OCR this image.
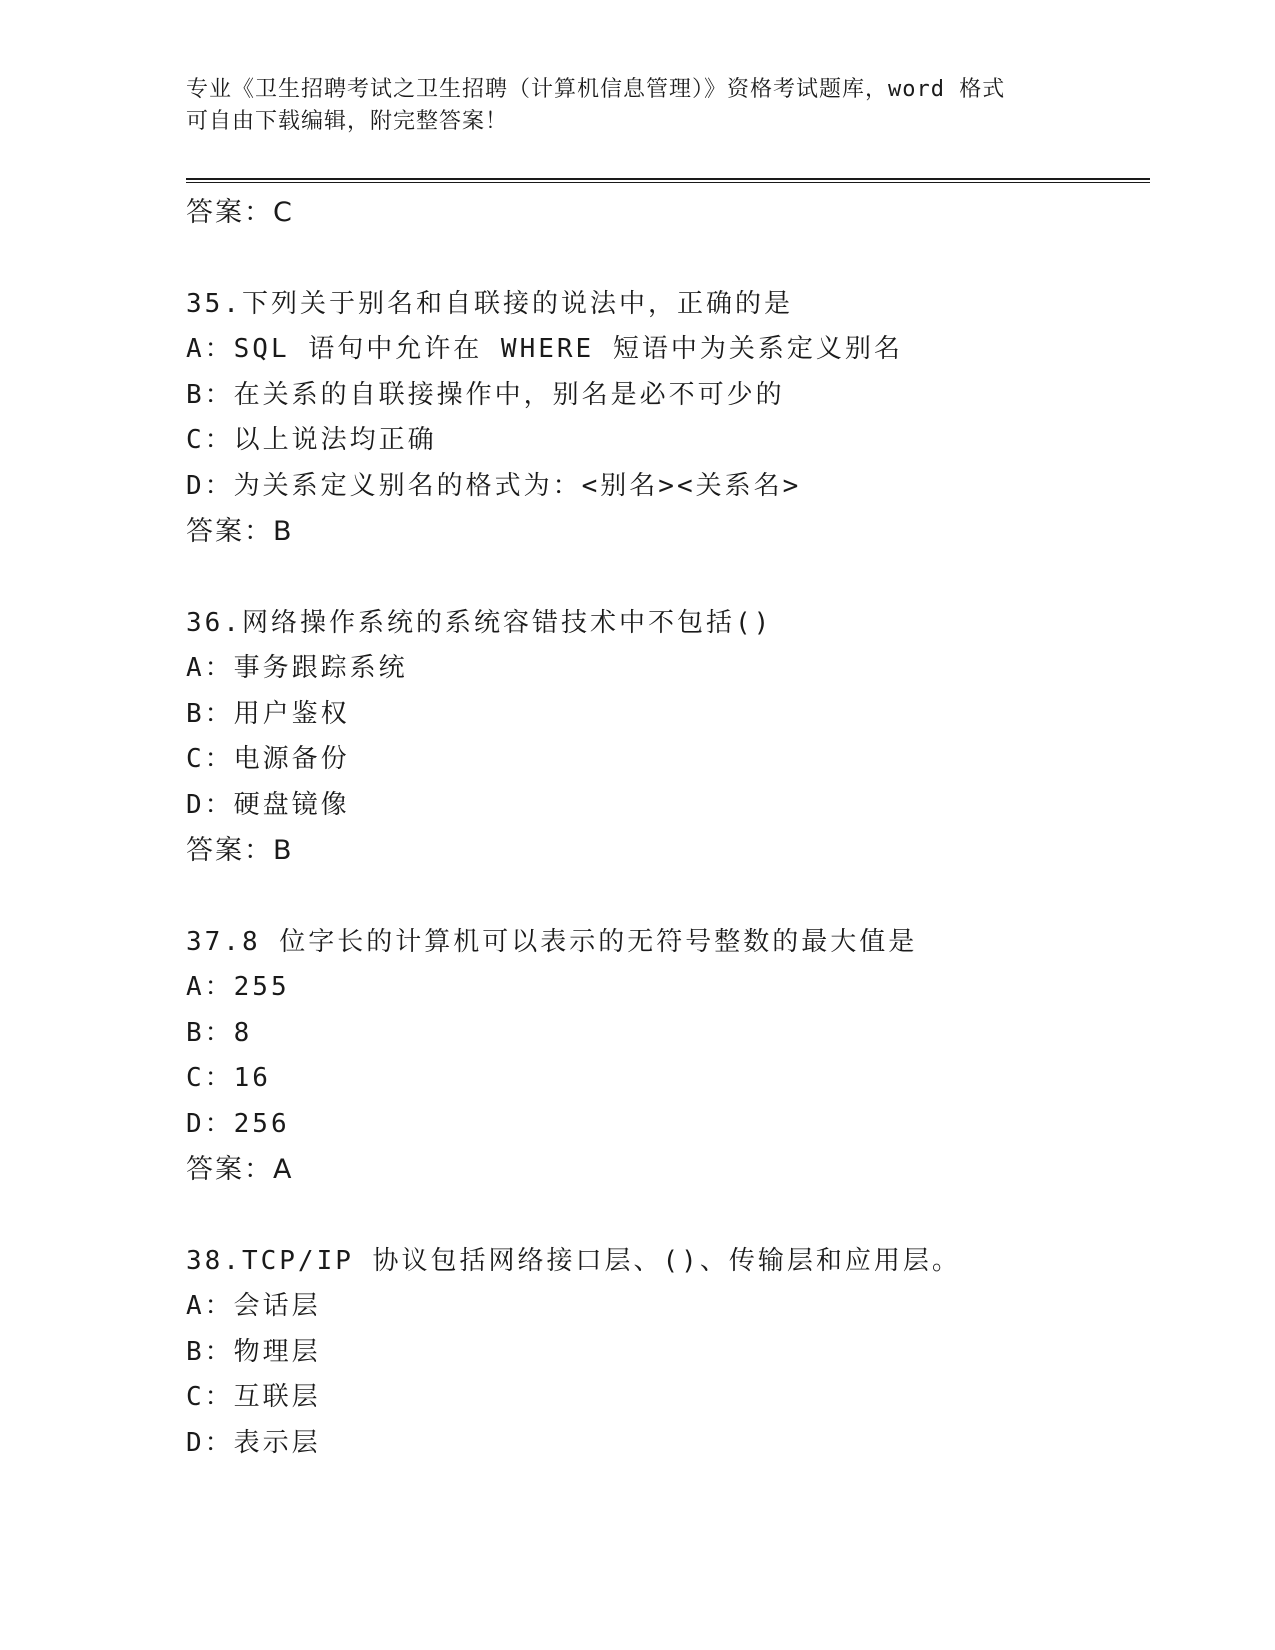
专业《卫生招聘考试之卫生招聘（计算机信息管理）》资格考试题库，word 格式
可自由下载编辑，附完整答案！
答案：C
35.下列关于别名和自联接的说法中，正确的是
A：SQL 语句中允许在 WHERE 短语中为关系定义别名
B：在关系的自联接操作中，别名是必不可少的
C：以上说法均正确
D：为关系定义别名的格式为：<别名><关系名>
答案：B
36.网络操作系统的系统容错技术中不包括()
A：事务跟踪系统
B：用户鉴权
C：电源备份
D：硬盘镜像
答案：B
37.8 位字长的计算机可以表示的无符号整数的最大值是
A：255
B：8
C：16
D：256
答案：A
38.TCP/IP 协议包括网络接口层、()、传输层和应用层。
A：会话层
B：物理层
C：互联层
D：表示层
